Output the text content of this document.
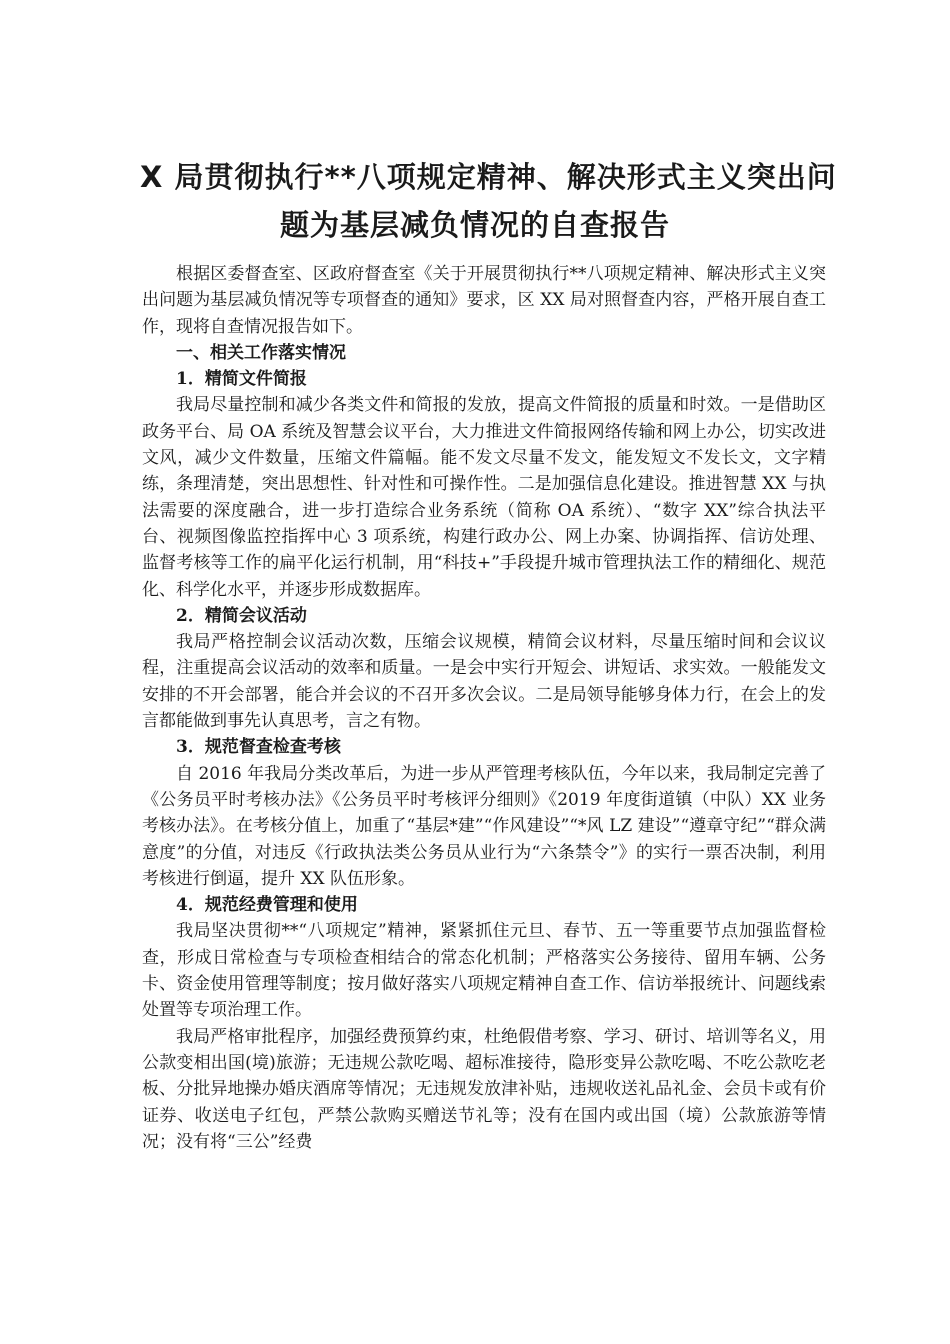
X 局贯彻执行**八项规定精神、解决形式主义突出问
题为基层减负情况的自查报告

根据区委督查室、区政府督查室《关于开展贯彻执行**八项规定精神、解决形式主义突出问题为基层减负情况等专项督查的通知》要求，区 XX 局对照督查内容，严格开展自查工作，现将自查情况报告如下。

一、相关工作落实情况
1．精简文件简报

我局尽量控制和减少各类文件和简报的发放，提高文件简报的质量和时效。一是借助区政务平台、局 OA 系统及智慧会议平台，大力推进文件简报网络传输和网上办公，切实改进文风，减少文件数量，压缩文件篇幅。能不发文尽量不发文，能发短文不发长文，文字精练，条理清楚，突出思想性、针对性和可操作性。二是加强信息化建设。推进智慧 XX 与执法需要的深度融合，进一步打造综合业务系统（简称 OA 系统）、“数字 XX”综合执法平台、视频图像监控指挥中心 3 项系统，构建行政办公、网上办案、协调指挥、信访处理、监督考核等工作的扁平化运行机制，用“科技+”手段提升城市管理执法工作的精细化、规范化、科学化水平，并逐步形成数据库。

2．精简会议活动

我局严格控制会议活动次数，压缩会议规模，精简会议材料，尽量压缩时间和会议议程，注重提高会议活动的效率和质量。一是会中实行开短会、讲短话、求实效。一般能发文安排的不开会部署，能合并会议的不召开多次会议。二是局领导能够身体力行，在会上的发言都能做到事先认真思考，言之有物。

3．规范督查检查考核

自 2016 年我局分类改革后，为进一步从严管理考核队伍，今年以来，我局制定完善了《公务员平时考核办法》《公务员平时考核评分细则》《2019 年度街道镇（中队）XX 业务考核办法》。在考核分值上，加重了“基层*建”“作风建设”“*风 LZ 建设”“遵章守纪”“群众满意度”的分值，对违反《行政执法类公务员从业行为“六条禁令”》的实行一票否决制，利用考核进行倒逼，提升 XX 队伍形象。

4．规范经费管理和使用

我局坚决贯彻**“八项规定”精神，紧紧抓住元旦、春节、五一等重要节点加强监督检查，形成日常检查与专项检查相结合的常态化机制；严格落实公务接待、留用车辆、公务卡、资金使用管理等制度；按月做好落实八项规定精神自查工作、信访举报统计、问题线索处置等专项治理工作。

我局严格审批程序，加强经费预算约束，杜绝假借考察、学习、研讨、培训等名义，用公款变相出国(境)旅游；无违规公款吃喝、超标准接待，隐形变异公款吃喝、不吃公款吃老板、分批异地操办婚庆酒席等情况；无违规发放津补贴，违规收送礼品礼金、会员卡或有价证券、收送电子红包，严禁公款购买赠送节礼等；没有在国内或出国（境）公款旅游等情况；没有将“三公”经费
